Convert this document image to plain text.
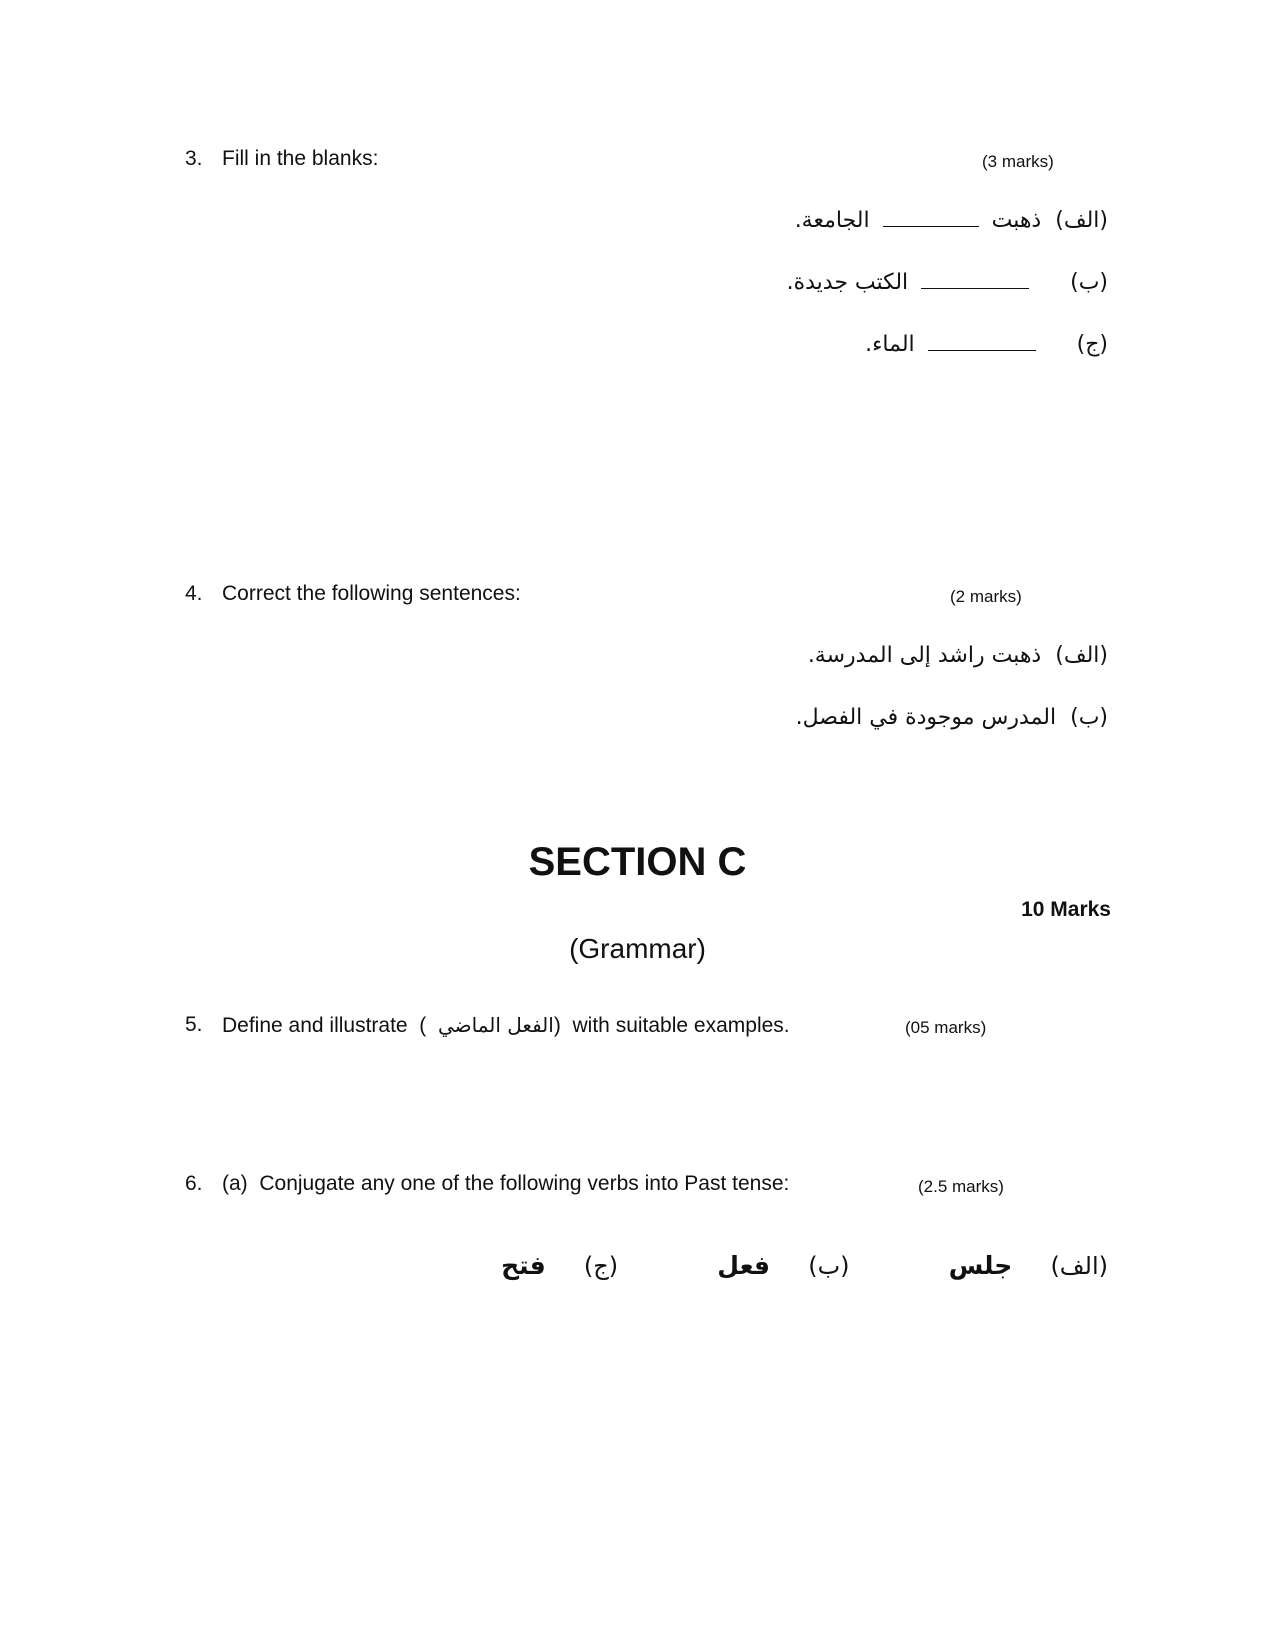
3. Fill in the blanks:	(3 marks)
(الف)  ذهبت  الجامعة.
(ب)      الكتب جديدة.
(ج)      الماء.
4. Correct the following sentences:	(2 marks)
(الف)  ذهبت راشد إلى المدرسة.
(ب)  المدرس موجودة في الفصل.
SECTION C
10 Marks
(Grammar)
5. Define and illustrate  (  الفعل الماضي)  with suitable examples.	(05 marks)
6. (a) Conjugate any one of the following verbs into Past tense:	(2.5 marks)
(الف)     جلس             (ب)     فعل             (ج)     فتح
